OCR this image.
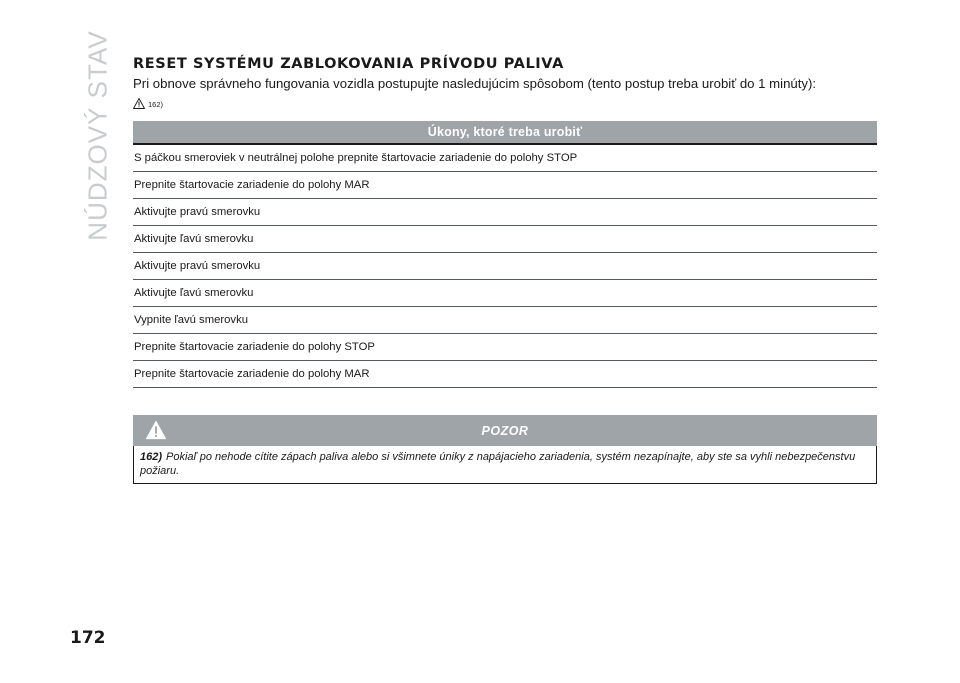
NÚDZOVÝ STAV RESET SYSTÉMU ZABLOKOVANIA PRÍVODU PALIVA

Pri obnove správneho fungovania vozidla postupujte nasledujúcim spôsobom (tento postup treba urobiť do 1 minúty):

162)
Úkony, ktoré treba urobiť
S páčkou smeroviek v neutrálnej polohe prepnite štartovacie zariadenie do polohy STOP
Prepnite štartovacie zariadenie do polohy MAR
Aktivujte pravú smerovku
Aktivujte ľavú smerovku
Aktivujte pravú smerovku
Aktivujte ľavú smerovku
Vypnite ľavú smerovku
Prepnite štartovacie zariadenie do polohy STOP
Prepnite štartovacie zariadenie do polohy MAR
POZOR
162) Pokiaľ po nehode cítite zápach paliva alebo si všimnete úniky z napájacieho zariadenia, systém nezapínajte, aby ste sa vyhli nebezpečenstvu požiaru.
172
